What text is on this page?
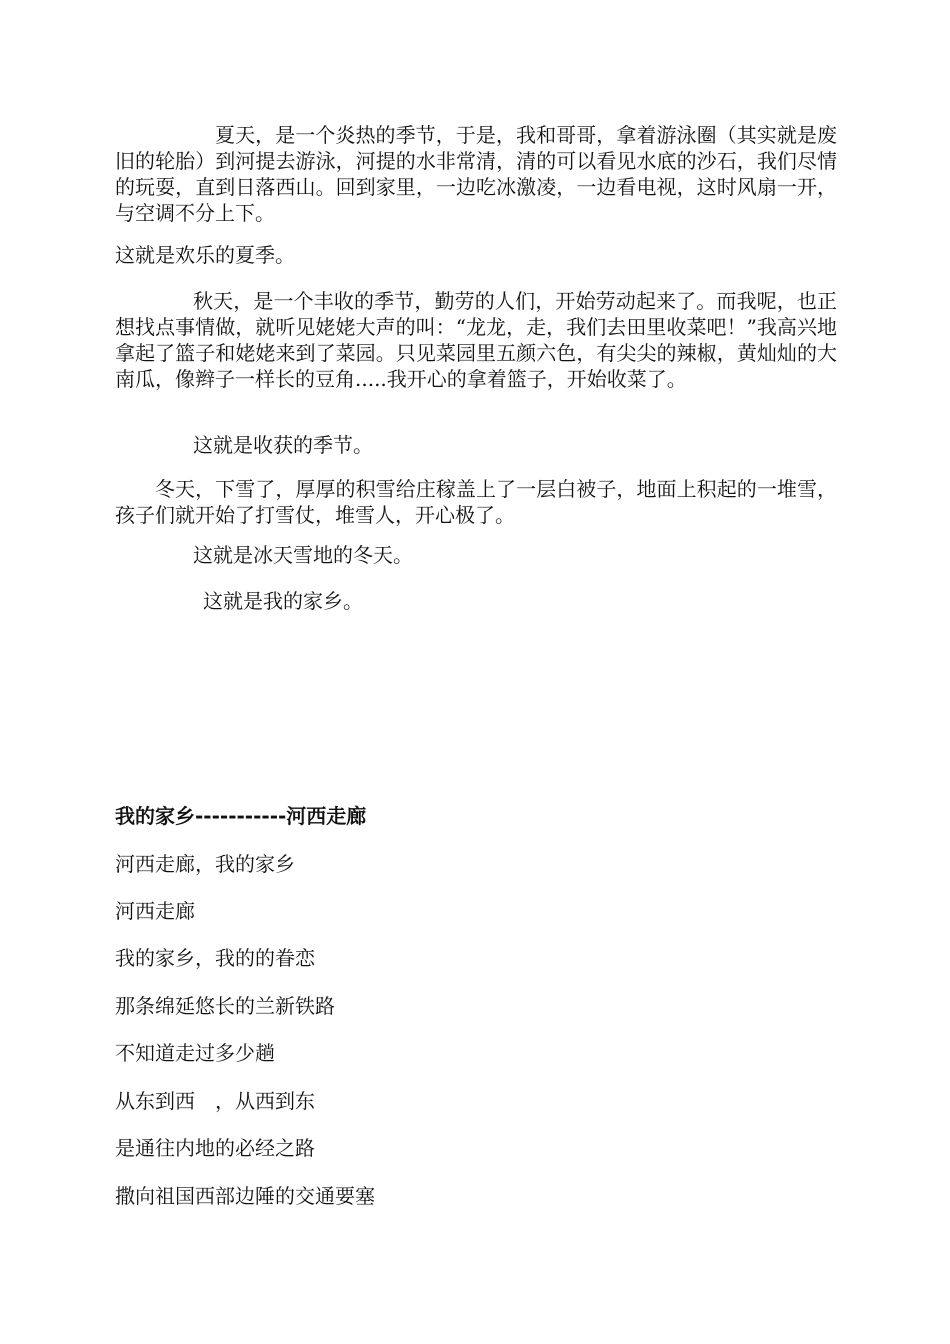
夏天，是一个炎热的季节，于是，我和哥哥，拿着游泳圈（其实就是废旧的轮胎）到河提去游泳，河提的水非常清，清的可以看见水底的沙石，我们尽情的玩耍，直到日落西山。回到家里，一边吃冰激凌，一边看电视，这时风扇一开，与空调不分上下。

这就是欢乐的夏季。

秋天，是一个丰收的季节，勤劳的人们，开始劳动起来了。而我呢，也正想找点事情做，就听见姥姥大声的叫：“龙龙，走，我们去田里收菜吧！”我高兴地拿起了篮子和姥姥来到了菜园。只见菜园里五颜六色，有尖尖的辣椒，黄灿灿的大南瓜，像辫子一样长的豆角.....我开心的拿着篮子，开始收菜了。

这就是收获的季节。

冬天，下雪了，厚厚的积雪给庄稼盖上了一层白被子，地面上积起的一堆雪，孩子们就开始了打雪仗，堆雪人，开心极了。

这就是冰天雪地的冬天。

这就是我的家乡。

我的家乡-----------河西走廊

河西走廊，我的家乡

河西走廊

我的家乡，我的的眷恋

那条绵延悠长的兰新铁路

不知道走过多少趟

从东到西　，从西到东

是通往内地的必经之路

撒向祖国西部边陲的交通要塞
